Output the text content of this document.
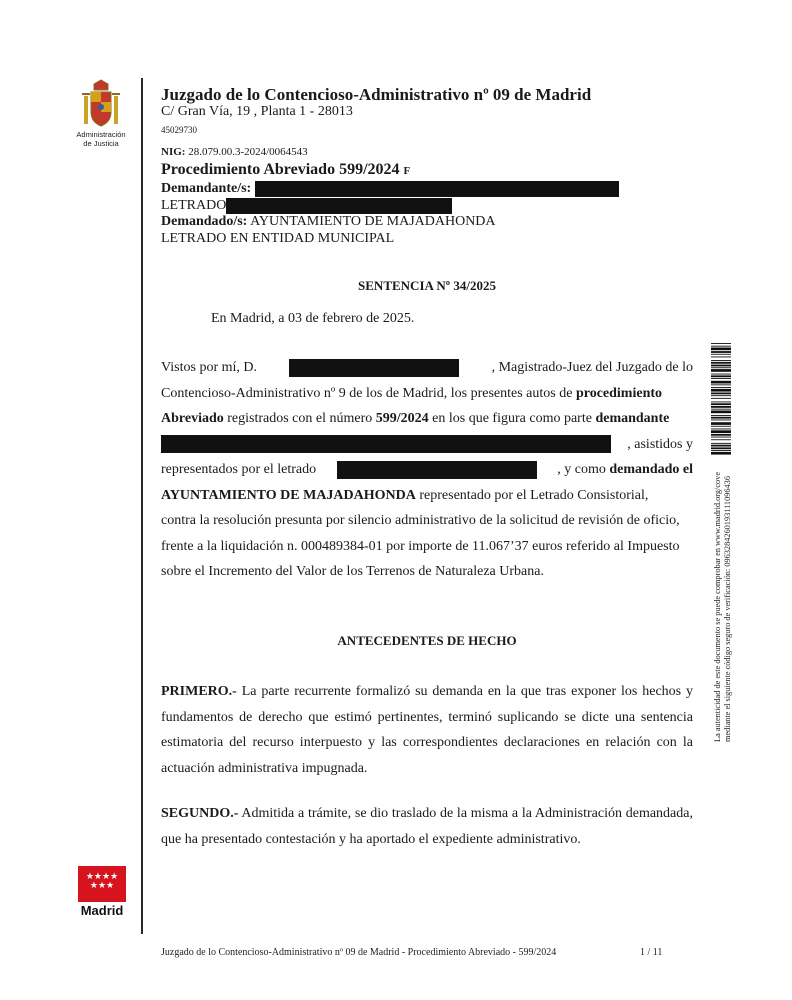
Administración
de Justicia
Juzgado de lo Contencioso-Administrativo nº 09 de Madrid
C/ Gran Vía, 19 , Planta 1 - 28013
45029730
NIG: 28.079.00.3-2024/0064543
Procedimiento Abreviado 599/2024 F
Demandante/s:
LETRADO
Demandado/s: AYUNTAMIENTO DE MAJADAHONDA
LETRADO EN ENTIDAD MUNICIPAL
SENTENCIA Nº 34/2025
En Madrid, a 03 de febrero de 2025.
Vistos por mí, D.	, Magistrado-Juez del Juzgado de lo
Contencioso-Administrativo nº 9 de los de Madrid, los presentes autos de procedimiento
Abreviado registrados con el número 599/2024 en los que figura como parte demandante
, asistidos y
representados por el letrado	, y como demandado el
AYUNTAMIENTO DE MAJADAHONDA representado por el Letrado Consistorial,
contra la resolución presunta por silencio administrativo de la solicitud de revisión de oficio,
frente a la liquidación n. 000489384-01 por importe de 11.067’37 euros referido al Impuesto
sobre el Incremento del Valor de los Terrenos de Naturaleza Urbana.
ANTECEDENTES DE HECHO
PRIMERO.- La parte recurrente formalizó su demanda en la que tras exponer los hechos y fundamentos de derecho que estimó pertinentes, terminó suplicando se dicte una sentencia estimatoria del recurso interpuesto y las correspondientes declaraciones en relación con la actuación administrativa impugnada.
SEGUNDO.- Admitida a trámite, se dio traslado de la misma a la Administración demandada, que ha presentado contestación y ha aportado el expediente administrativo.
La autenticidad de este documento se puede comprobar en www.madrid.org/cove mediante el siguiente código seguro de verificación: 0963284260193111096436
★★★★
★★★
Madrid
Juzgado de lo Contencioso-Administrativo nº 09 de Madrid - Procedimiento Abreviado - 599/2024	1 / 11
